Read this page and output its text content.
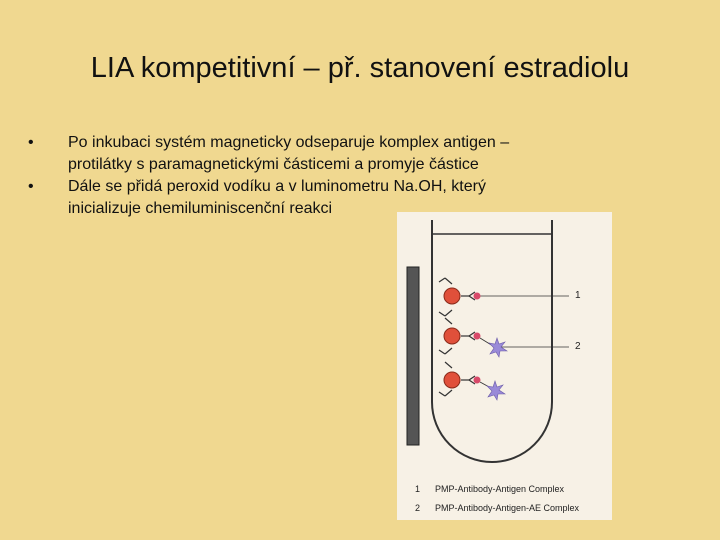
LIA kompetitivní – př. stanovení estradiolu
• Po inkubaci systém magneticky odseparuje komplex antigen –
protilátky s paramagnetickými částicemi a promyje částice
• Dále se přidá peroxid vodíku a v luminometru Na.OH, který
inicializuje chemiluminiscenční reakci
1
2
1 PMP-Antibody-Antigen Complex
2 PMP-Antibody-Antigen-AE Complex
